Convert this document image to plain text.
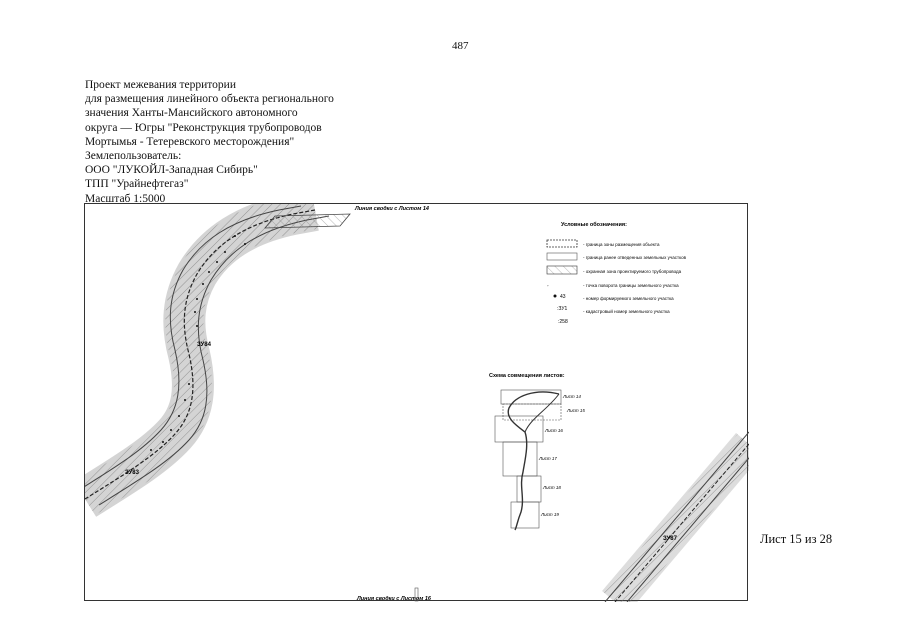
487
Проект межевания территории
для размещения линейного объекта регионального
значения Ханты-Мансийского автономного
округа — Югры "Реконструкция трубопроводов
Мортымья - Тетеревского месторождения"
Землепользователь:
ООО "ЛУКОЙЛ-Западная Сибирь"
ТПП "Урайнефтегаз"
Масштаб 1:5000
Лист 15 из 28
Линия сводки с Листом 14
ЗУ84
ЗУ83
ЗУ87
Условные обозначения:
- граница зоны размещения объекта
- граница ранее отведенных земельных участков
- охранная зона проектируемого трубопровода
◦	- точка поворота границы земельного участка
43	- номер формируемого земельного участка
:ЗУ1	- кадастровый номер земельного участка
:258
Схема совмещения листов:
Лист 14
Лист 15
Лист 16
Лист 17
Лист 18
Лист 19
Линия сводки с Листом 16
